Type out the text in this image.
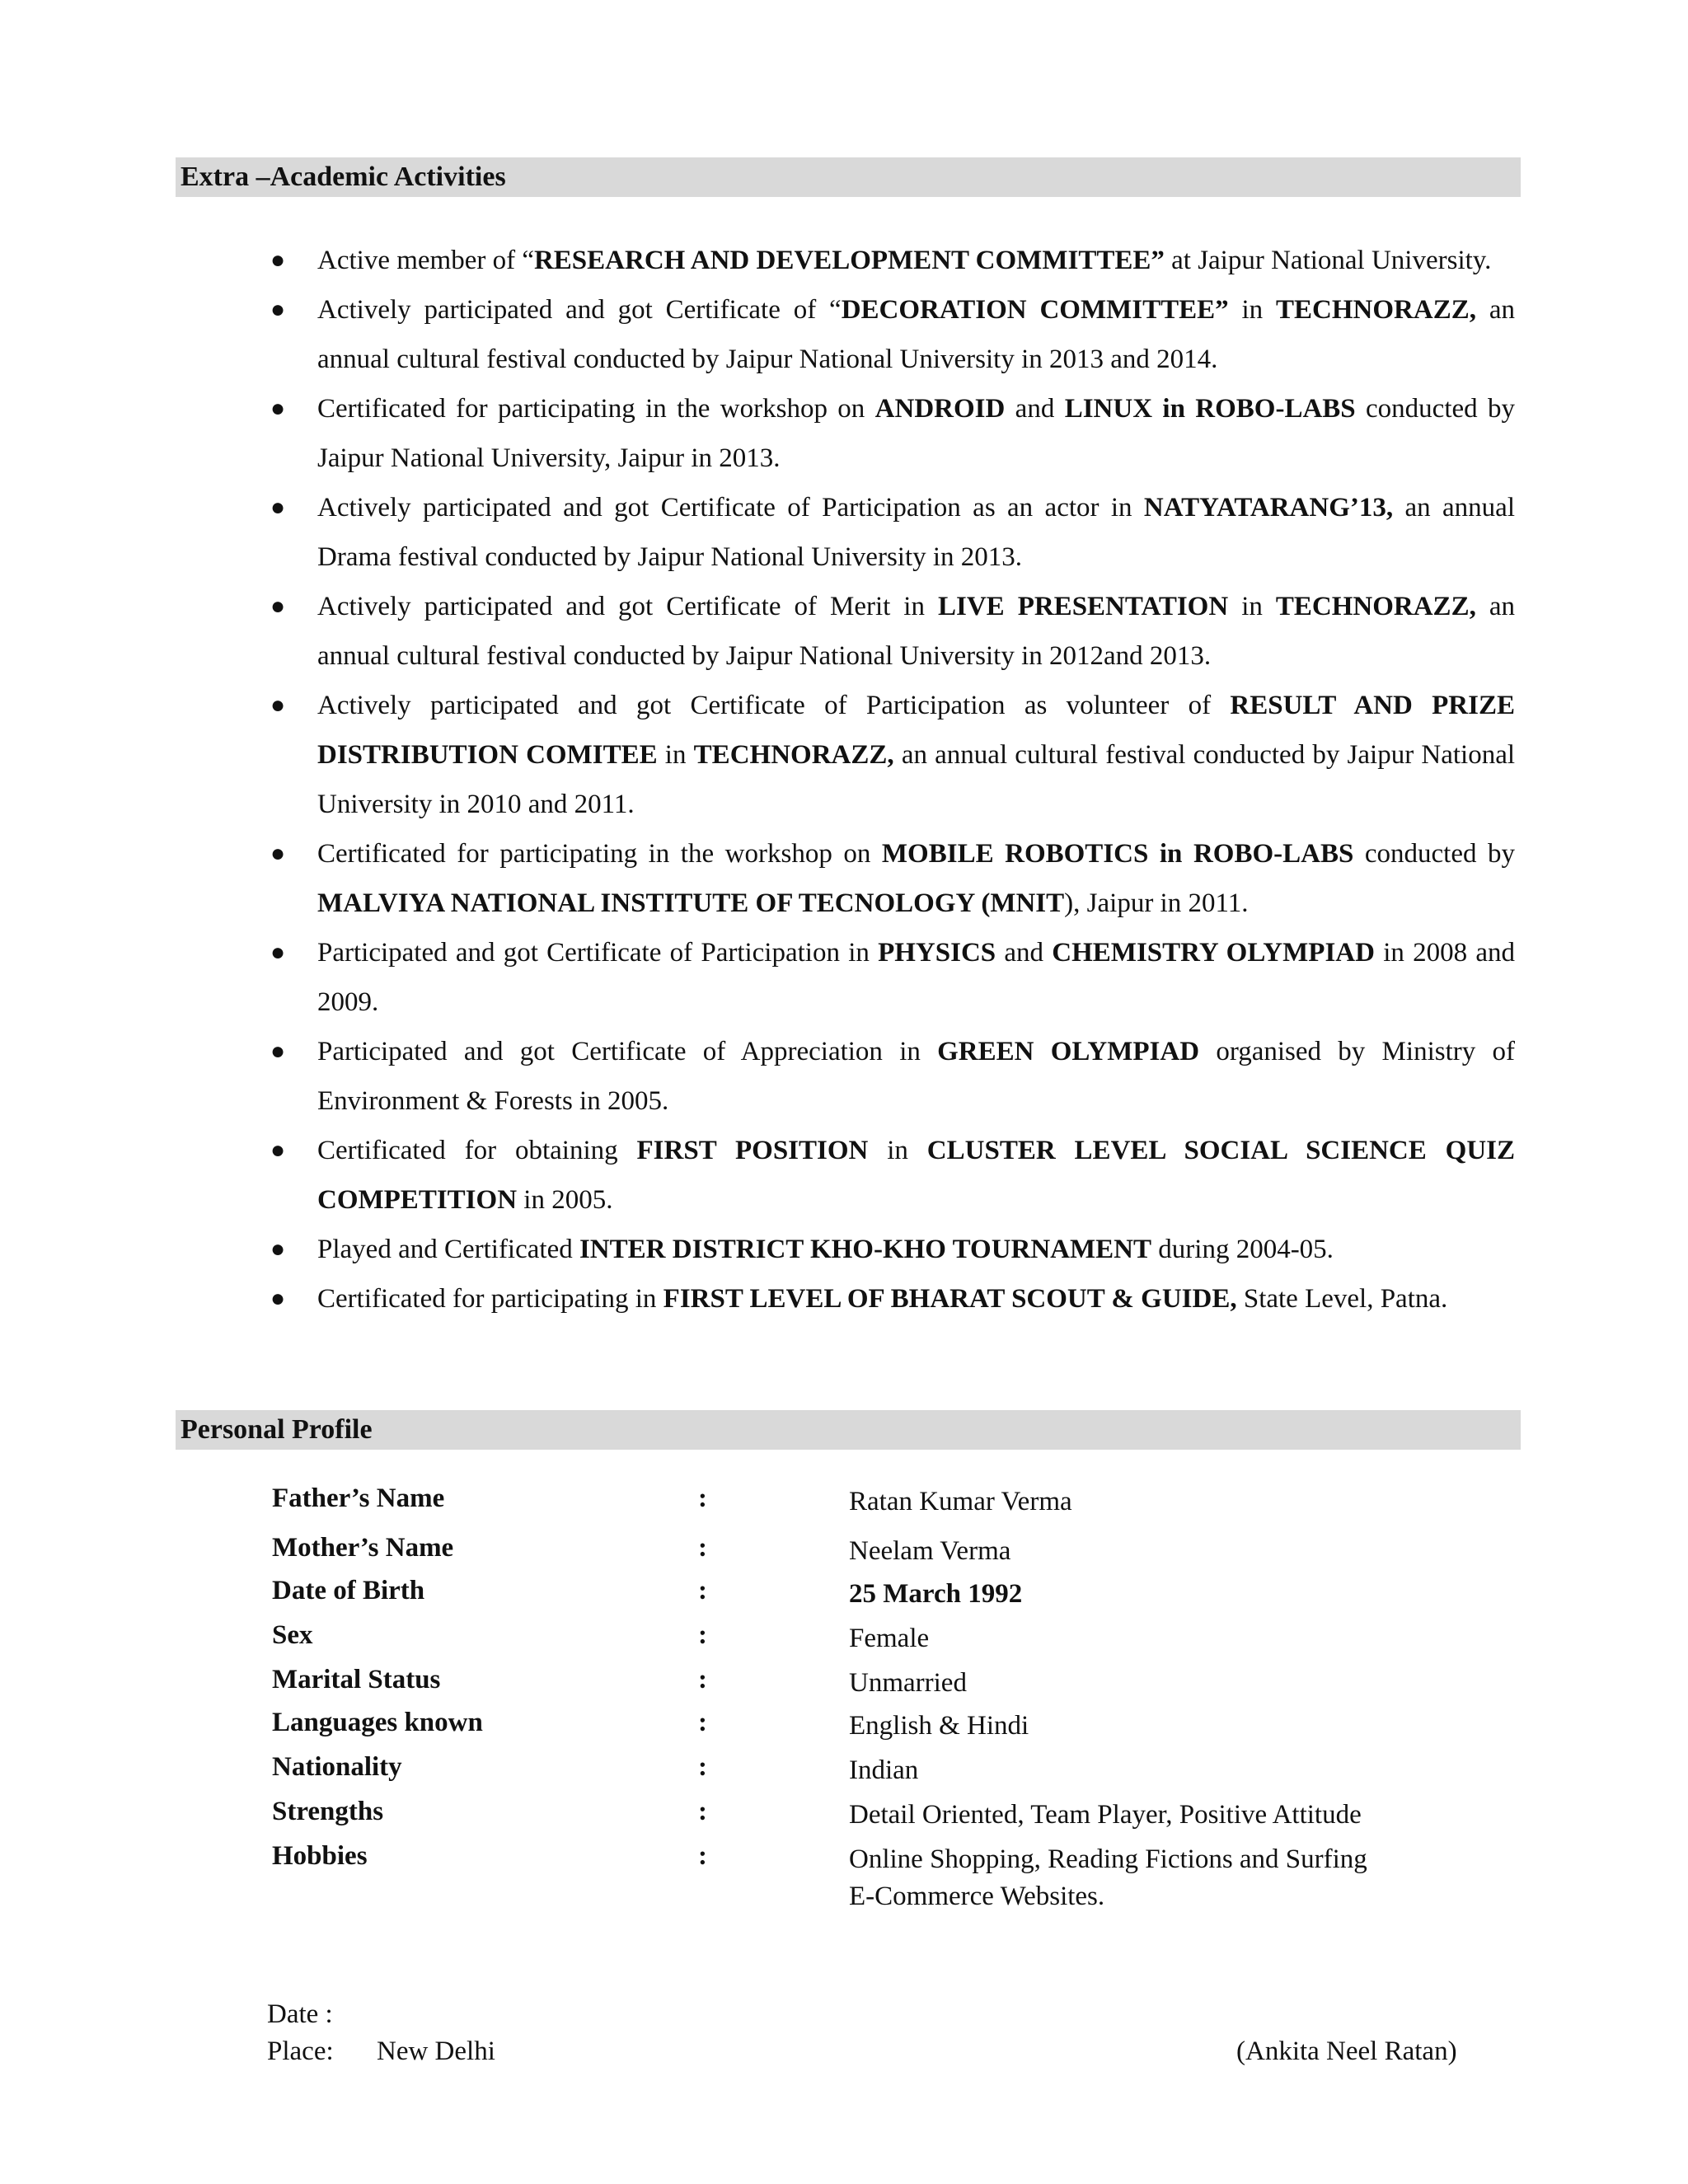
Extra –Academic Activities
● Active member of “RESEARCH AND DEVELOPMENT COMMITTEE” at Jaipur National University.
● Actively participated and got Certificate of “DECORATION COMMITTEE” in TECHNORAZZ, an annual cultural festival conducted by Jaipur National University in 2013 and 2014.
● Certificated for participating in the workshop on ANDROID and LINUX in ROBO-LABS conducted by Jaipur National University, Jaipur in 2013.
● Actively participated and got Certificate of Participation as an actor in NATYATARANG’13, an annual Drama festival conducted by Jaipur National University in 2013.
● Actively participated and got Certificate of Merit in LIVE PRESENTATION in TECHNORAZZ, an annual cultural festival conducted by Jaipur National University in 2012and 2013.
● Actively participated and got Certificate of Participation as volunteer of RESULT AND PRIZE DISTRIBUTION COMITEE in TECHNORAZZ, an annual cultural festival conducted by Jaipur National University in 2010 and 2011.
● Certificated for participating in the workshop on MOBILE ROBOTICS in ROBO-LABS conducted by MALVIYA NATIONAL INSTITUTE OF TECNOLOGY (MNIT), Jaipur in 2011.
● Participated and got Certificate of Participation in PHYSICS and CHEMISTRY OLYMPIAD in 2008 and 2009.
● Participated and got Certificate of Appreciation in GREEN OLYMPIAD organised by Ministry of Environment & Forests in 2005.
● Certificated for obtaining FIRST POSITION in CLUSTER LEVEL SOCIAL SCIENCE QUIZ COMPETITION in 2005.
● Played and Certificated INTER DISTRICT KHO-KHO TOURNAMENT during 2004-05.
● Certificated for participating in FIRST LEVEL OF BHARAT SCOUT & GUIDE, State Level, Patna.
Personal Profile
Father’s Name	:	Ratan Kumar Verma
Mother’s Name	:	Neelam Verma
Date of Birth	:	25 March 1992
Sex	:	Female
Marital Status	:	Unmarried
Languages known	:	English & Hindi
Nationality	:	Indian
Strengths	:	Detail Oriented, Team Player, Positive Attitude
Hobbies	:	Online Shopping, Reading Fictions and Surfing
E-Commerce Websites.
Date :
Place: New Delhi	(Ankita Neel Ratan)
